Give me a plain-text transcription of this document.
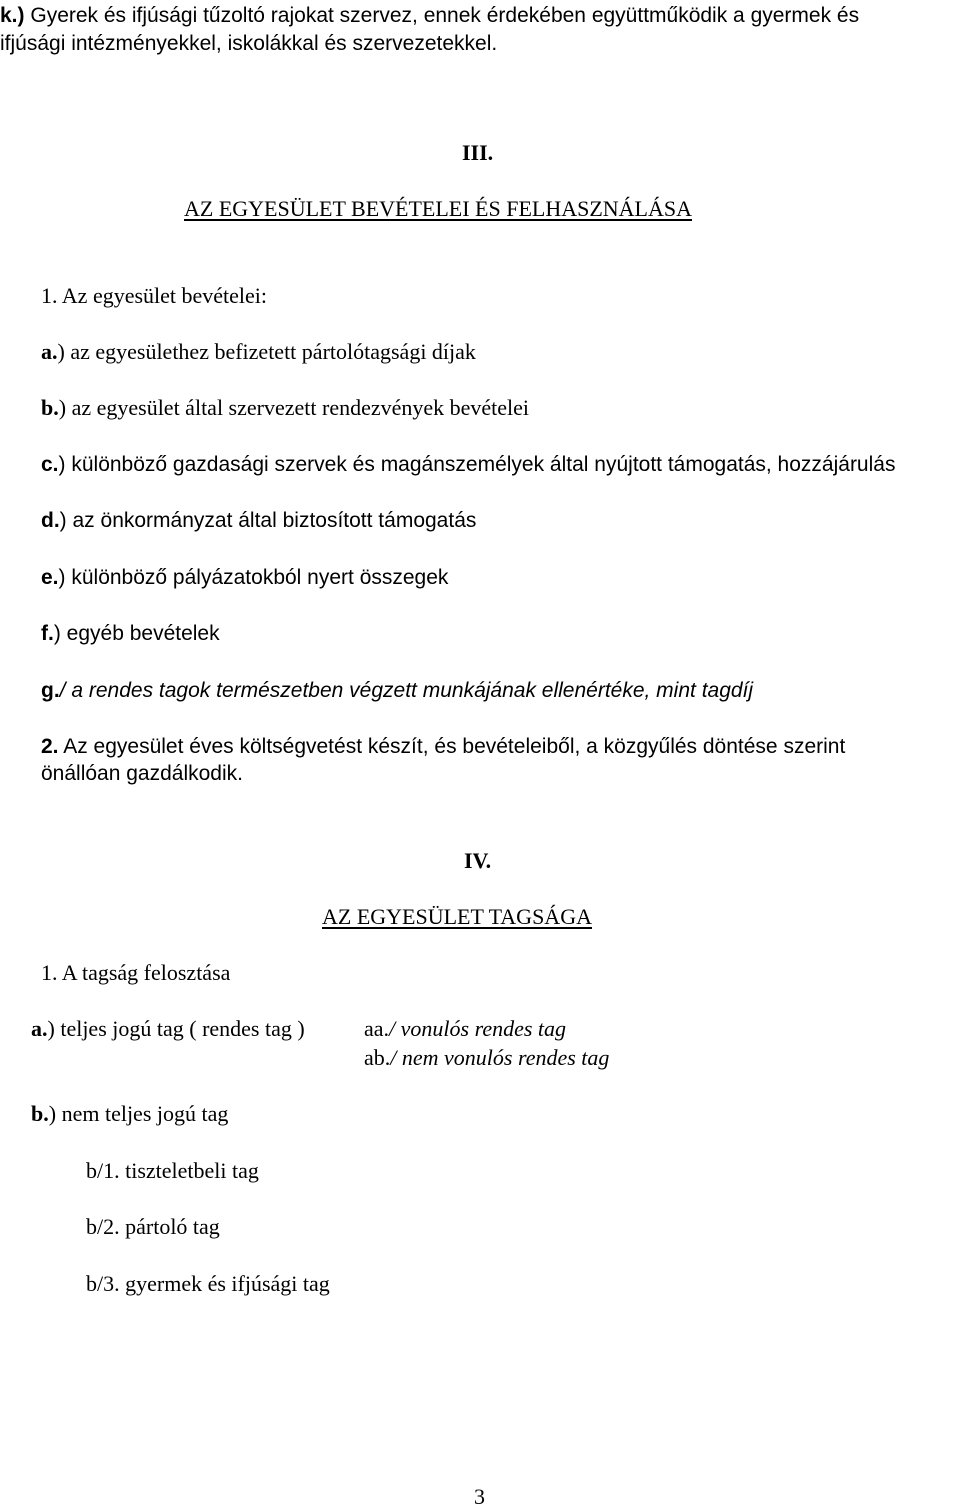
k.) Gyerek és ifjúsági tűzoltó rajokat szervez, ennek érdekében együttműködik a gyermek és
ifjúsági intézményekkel, iskolákkal és szervezetekkel.
III.
AZ EGYESÜLET BEVÉTELEI ÉS FELHASZNÁLÁSA
1. Az egyesület bevételei:
a.) az egyesülethez befizetett pártolótagsági díjak
b.) az egyesület által szervezett rendezvények bevételei
c.) különböző gazdasági szervek és magánszemélyek által nyújtott támogatás, hozzájárulás
d.) az önkormányzat által biztosított támogatás
e.) különböző pályázatokból nyert összegek
f.) egyéb bevételek
g./ a rendes tagok természetben végzett munkájának ellenértéke, mint tagdíj
2. Az egyesület éves költségvetést készít, és bevételeiből, a közgyűlés döntése szerint
önállóan gazdálkodik.
IV.
AZ EGYESÜLET TAGSÁGA
1. A tagság felosztása
a.) teljes jogú tag ( rendes tag )	aa./ vonulós rendes tag
ab./ nem vonulós rendes tag
b.) nem teljes jogú tag
b/1. tiszteletbeli tag
b/2. pártoló tag
b/3. gyermek és ifjúsági tag
3
